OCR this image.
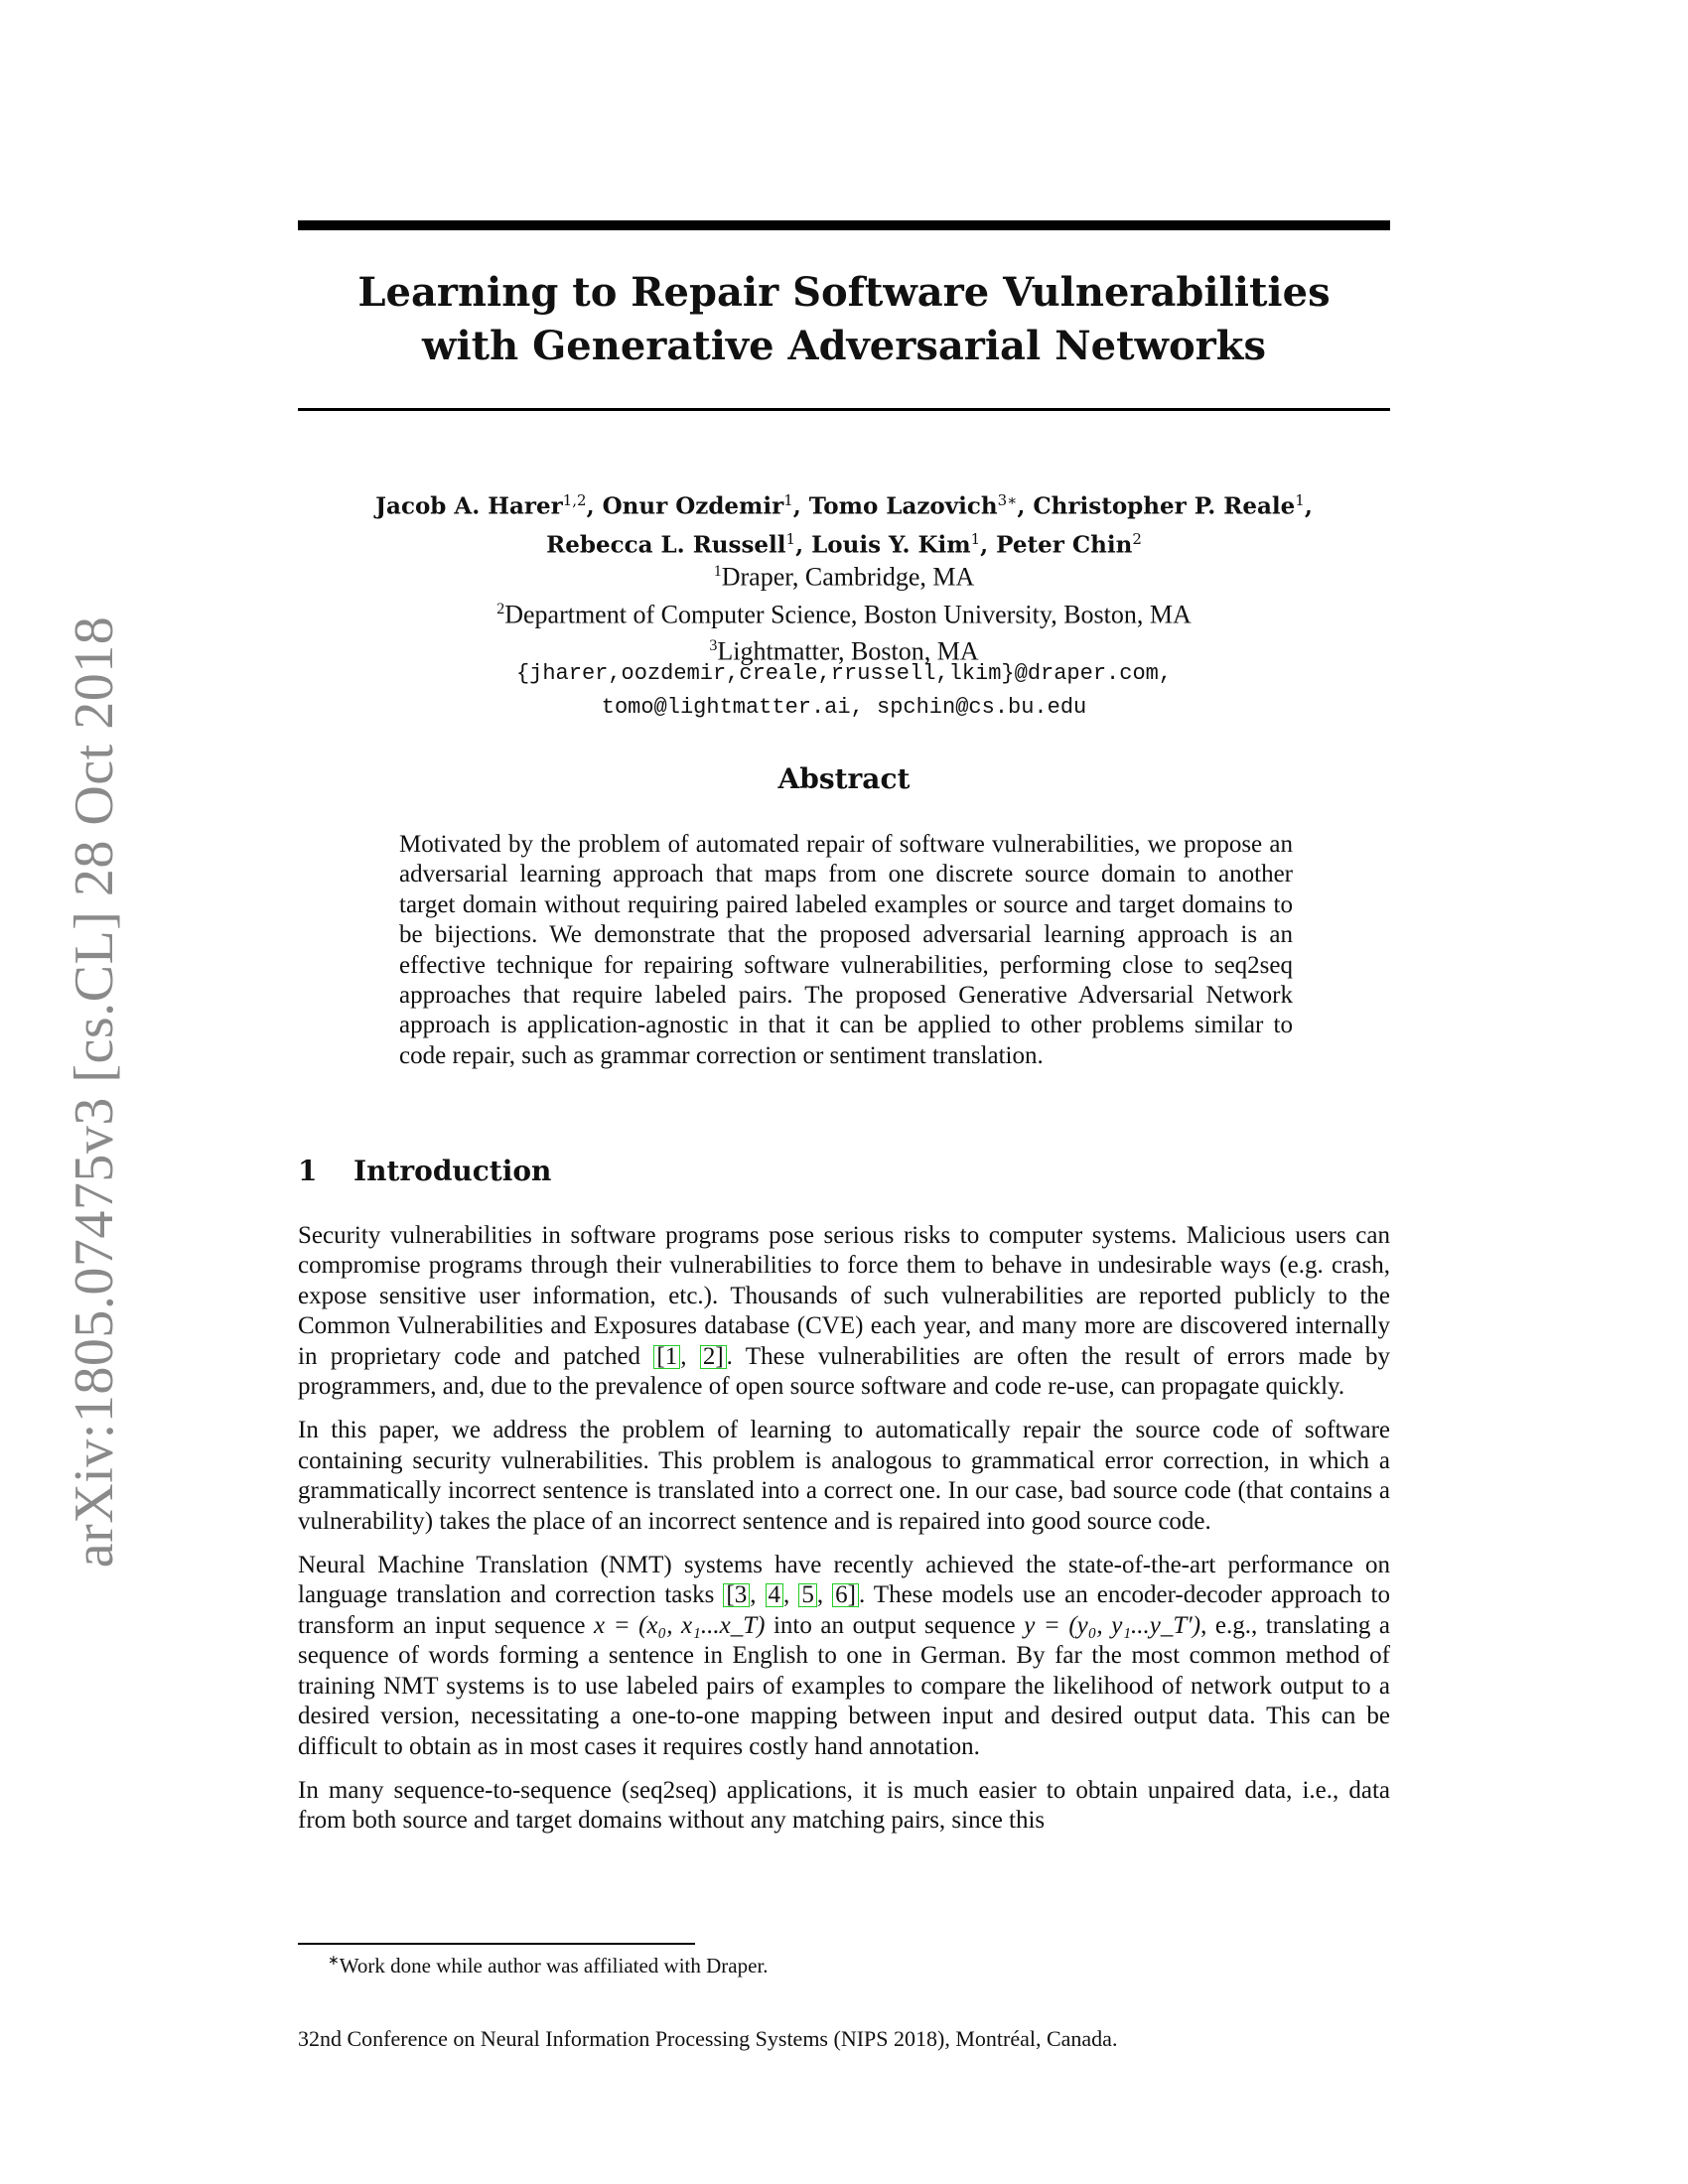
arXiv:1805.07475v3 [cs.CL] 28 Oct 2018
Learning to Repair Software Vulnerabilities
with Generative Adversarial Networks
Jacob A. Harer$^{1,2}$, Onur Ozdemir$^1$, Tomo Lazovich$^{3∗}$, Christopher P. Reale$^1$,
Rebecca L. Russell$^1$, Louis Y. Kim$^1$, Peter Chin$^2$
$^1$Draper, Cambridge, MA
$^2$Department of Computer Science, Boston University, Boston, MA
$^3$Lightmatter, Boston, MA
{jharer,oozdemir,creale,rrussell,lkim}@draper.com,
tomo@lightmatter.ai, spchin@cs.bu.edu
Abstract

Motivated by the problem of automated repair of software vulnerabilities, we propose an adversarial learning approach that maps from one discrete source domain to another target domain without requiring paired labeled examples or source and target domains to be bijections. We demonstrate that the proposed adversarial learning approach is an effective technique for repairing software vulnerabilities, performing close to seq2seq approaches that require labeled pairs. The proposed Generative Adversarial Network approach is application-agnostic in that it can be applied to other problems similar to code repair, such as grammar correction or sentiment translation.

1 Introduction

Security vulnerabilities in software programs pose serious risks to computer systems. Malicious users can compromise programs through their vulnerabilities to force them to behave in undesirable ways (e.g. crash, expose sensitive user information, etc.). Thousands of such vulnerabilities are reported publicly to the Common Vulnerabilities and Exposures database (CVE) each year, and many more are discovered internally in proprietary code and patched [1 , 2] . These vulnerabilities are often the result of errors made by programmers, and, due to the prevalence of open source software and code re-use, can propagate quickly.

In this paper, we address the problem of learning to automatically repair the source code of software containing security vulnerabilities. This problem is analogous to grammatical error correction, in which a grammatically incorrect sentence is translated into a correct one. In our case, bad source code (that contains a vulnerability) takes the place of an incorrect sentence and is repaired into good source code.

Neural Machine Translation (NMT) systems have recently achieved the state-of-the-art performance on language translation and correction tasks [3 , 4 , 5 , 6] . These models use an encoder-decoder approach to transform an input sequence x = (x₀, x₁...x_T) into an output sequence y = (y₀, y₁...y_T′), e.g., translating a sequence of words forming a sentence in English to one in German. By far the most common method of training NMT systems is to use labeled pairs of examples to compare the likelihood of network output to a desired version, necessitating a one-to-one mapping between input and desired output data. This can be difficult to obtain as in most cases it requires costly hand annotation.

In many sequence-to-sequence (seq2seq) applications, it is much easier to obtain unpaired data, i.e., data from both source and target domains without any matching pairs, since this

∗Work done while author was affiliated with Draper.
32nd Conference on Neural Information Processing Systems (NIPS 2018), Montréal, Canada.
